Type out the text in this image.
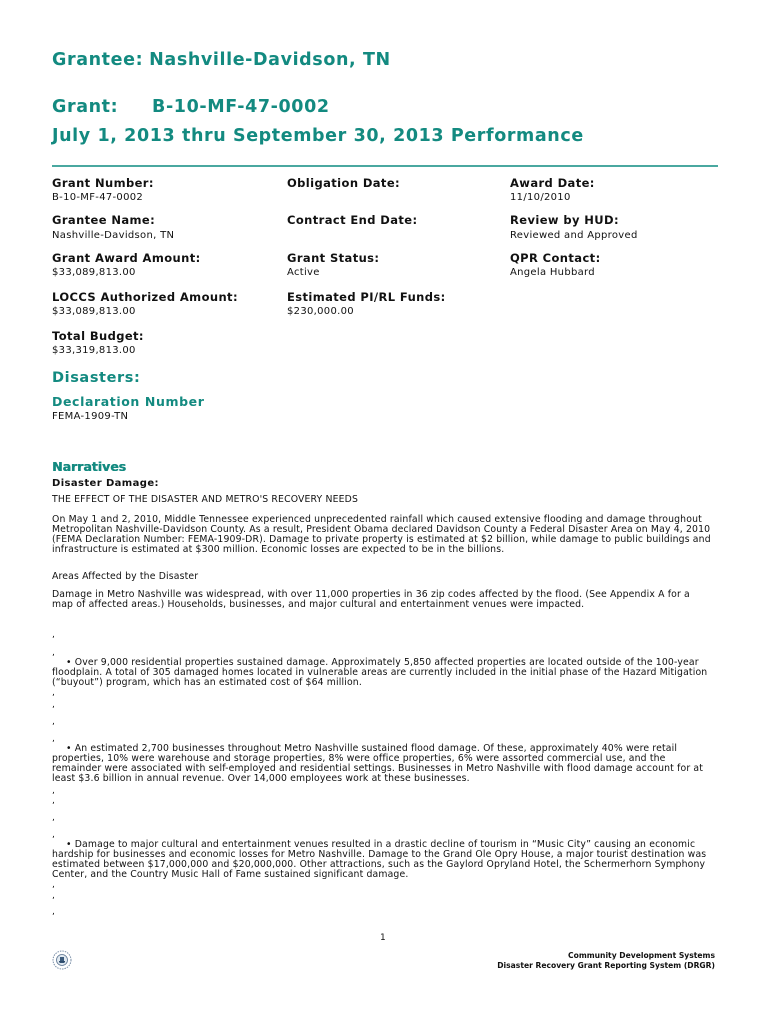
Grantee: Nashville-Davidson, TN
Grant: B-10-MF-47-0002
July 1, 2013 thru September 30, 2013 Performance
Grant Number:
B-10-MF-47-0002
Obligation Date:	Award Date:
11/10/2010
Grantee Name:
Nashville-Davidson, TN
Contract End Date:	Review by HUD:
Reviewed and Approved
Grant Award Amount:
$33,089,813.00
Grant Status:
Active
QPR Contact:
Angela Hubbard
LOCCS Authorized Amount:
$33,089,813.00
Estimated PI/RL Funds:
$230,000.00
Total Budget:
$33,319,813.00
Disasters:
Declaration Number
FEMA-1909-TN
Narratives
Disaster Damage:
THE EFFECT OF THE DISASTER AND METRO'S RECOVERY NEEDS
On May 1 and 2, 2010, Middle Tennessee experienced unprecedented rainfall which caused extensive flooding and damage throughout Metropolitan Nashville-Davidson County. As a result, President Obama declared Davidson County a Federal Disaster Area on May 4, 2010 (FEMA Declaration Number: FEMA-1909-DR). Damage to private property is estimated at $2 billion, while damage to public buildings and infrastructure is estimated at $300 million. Economic losses are expected to be in the billions.
Areas Affected by the Disaster
Damage in Metro Nashville was widespread, with over 11,000 properties in 36 zip codes affected by the flood. (See Appendix A for a map of affected areas.) Households, businesses, and major cultural and entertainment venues were impacted.
,
,
• Over 9,000 residential properties sustained damage. Approximately 5,850 affected properties are located outside of the 100-year floodplain. A total of 305 damaged homes located in vulnerable areas are currently included in the initial phase of the Hazard Mitigation (“buyout”) program, which has an estimated cost of $64 million.
,
,
,
,
• An estimated 2,700 businesses throughout Metro Nashville sustained flood damage. Of these, approximately 40% were retail properties, 10% were warehouse and storage properties, 8% were office properties, 6% were assorted commercial use, and the remainder were associated with self-employed and residential settings. Businesses in Metro Nashville with flood damage account for at least $3.6 billion in annual revenue. Over 14,000 employees work at these businesses.
,
,
,
,
• Damage to major cultural and entertainment venues resulted in a drastic decline of tourism in “Music City” causing an economic hardship for businesses and economic losses for Metro Nashville. Damage to the Grand Ole Opry House, a major tourist destination was estimated between $17,000,000 and $20,000,000. Other attractions, such as the Gaylord Opryland Hotel, the Schermerhorn Symphony Center, and the Country Music Hall of Fame sustained significant damage.
,
,
,
1
Community Development Systems
Disaster Recovery Grant Reporting System (DRGR)
